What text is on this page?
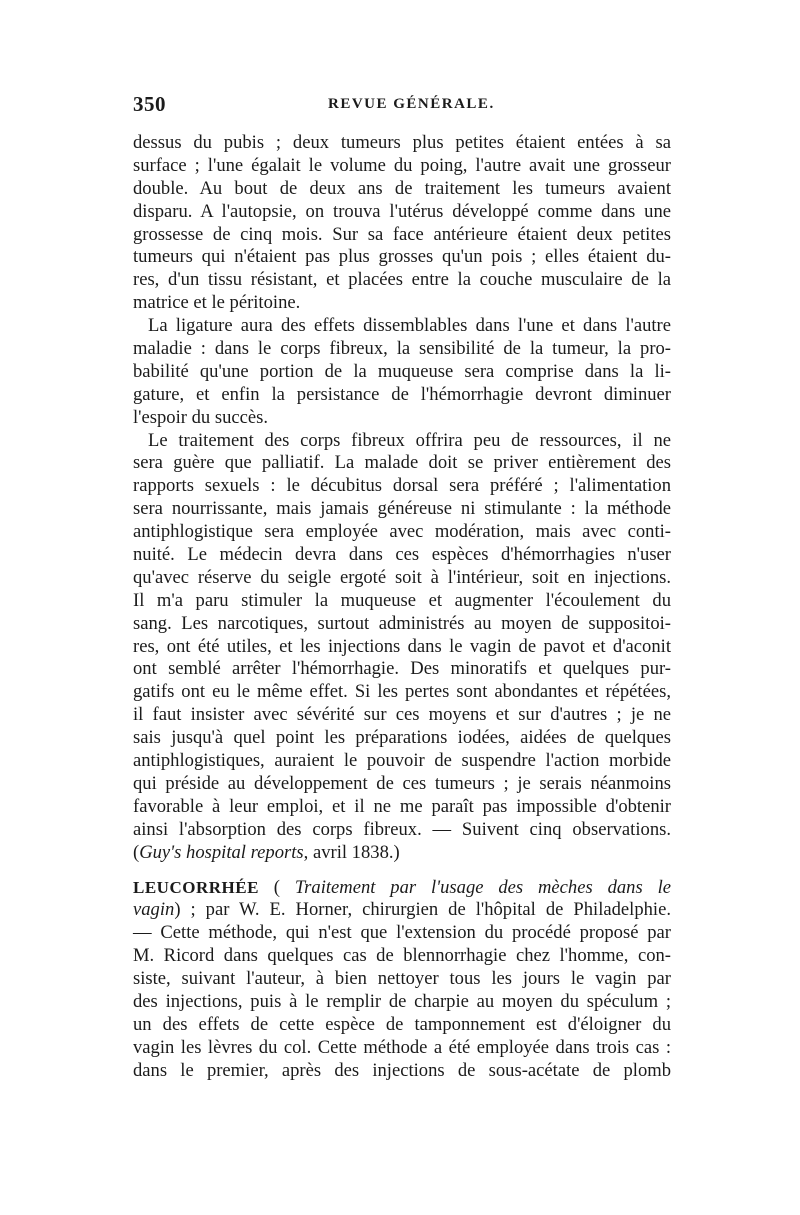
350	REVUE GÉNÉRALE.
dessus du pubis ; deux tumeurs plus petites étaient entées à sa
surface ; l'une égalait le volume du poing, l'autre avait une grosseur
double. Au bout de deux ans de traitement les tumeurs avaient
disparu. A l'autopsie, on trouva l'utérus développé comme dans une
grossesse de cinq mois. Sur sa face antérieure étaient deux petites
tumeurs qui n'étaient pas plus grosses qu'un pois ; elles étaient du-
res, d'un tissu résistant, et placées entre la couche musculaire de la
matrice et le péritoine.
La ligature aura des effets dissemblables dans l'une et dans l'autre
maladie : dans le corps fibreux, la sensibilité de la tumeur, la pro-
babilité qu'une portion de la muqueuse sera comprise dans la li-
gature, et enfin la persistance de l'hémorrhagie devront diminuer
l'espoir du succès.
Le traitement des corps fibreux offrira peu de ressources, il ne
sera guère que palliatif. La malade doit se priver entièrement des
rapports sexuels : le décubitus dorsal sera préféré ; l'alimentation
sera nourrissante, mais jamais généreuse ni stimulante : la méthode
antiphlogistique sera employée avec modération, mais avec conti-
nuité. Le médecin devra dans ces espèces d'hémorrhagies n'user
qu'avec réserve du seigle ergoté soit à l'intérieur, soit en injections.
Il m'a paru stimuler la muqueuse et augmenter l'écoulement du
sang. Les narcotiques, surtout administrés au moyen de suppositoi-
res, ont été utiles, et les injections dans le vagin de pavot et d'aconit
ont semblé arrêter l'hémorrhagie. Des minoratifs et quelques pur-
gatifs ont eu le même effet. Si les pertes sont abondantes et répétées,
il faut insister avec sévérité sur ces moyens et sur d'autres ; je ne
sais jusqu'à quel point les préparations iodées, aidées de quelques
antiphlogistiques, auraient le pouvoir de suspendre l'action morbide
qui préside au développement de ces tumeurs ; je serais néanmoins
favorable à leur emploi, et il ne me paraît pas impossible d'obtenir
ainsi l'absorption des corps fibreux. — Suivent cinq observations.
(Guy's hospital reports, avril 1838.)
LEUCORRHÉE ( Traitement par l'usage des mèches dans le
vagin) ; par W. E. Horner, chirurgien de l'hôpital de Philadelphie.
— Cette méthode, qui n'est que l'extension du procédé proposé par
M. Ricord dans quelques cas de blennorrhagie chez l'homme, con-
siste, suivant l'auteur, à bien nettoyer tous les jours le vagin par
des injections, puis à le remplir de charpie au moyen du spéculum ;
un des effets de cette espèce de tamponnement est d'éloigner du
vagin les lèvres du col. Cette méthode a été employée dans trois cas :
dans le premier, après des injections de sous-acétate de plomb
